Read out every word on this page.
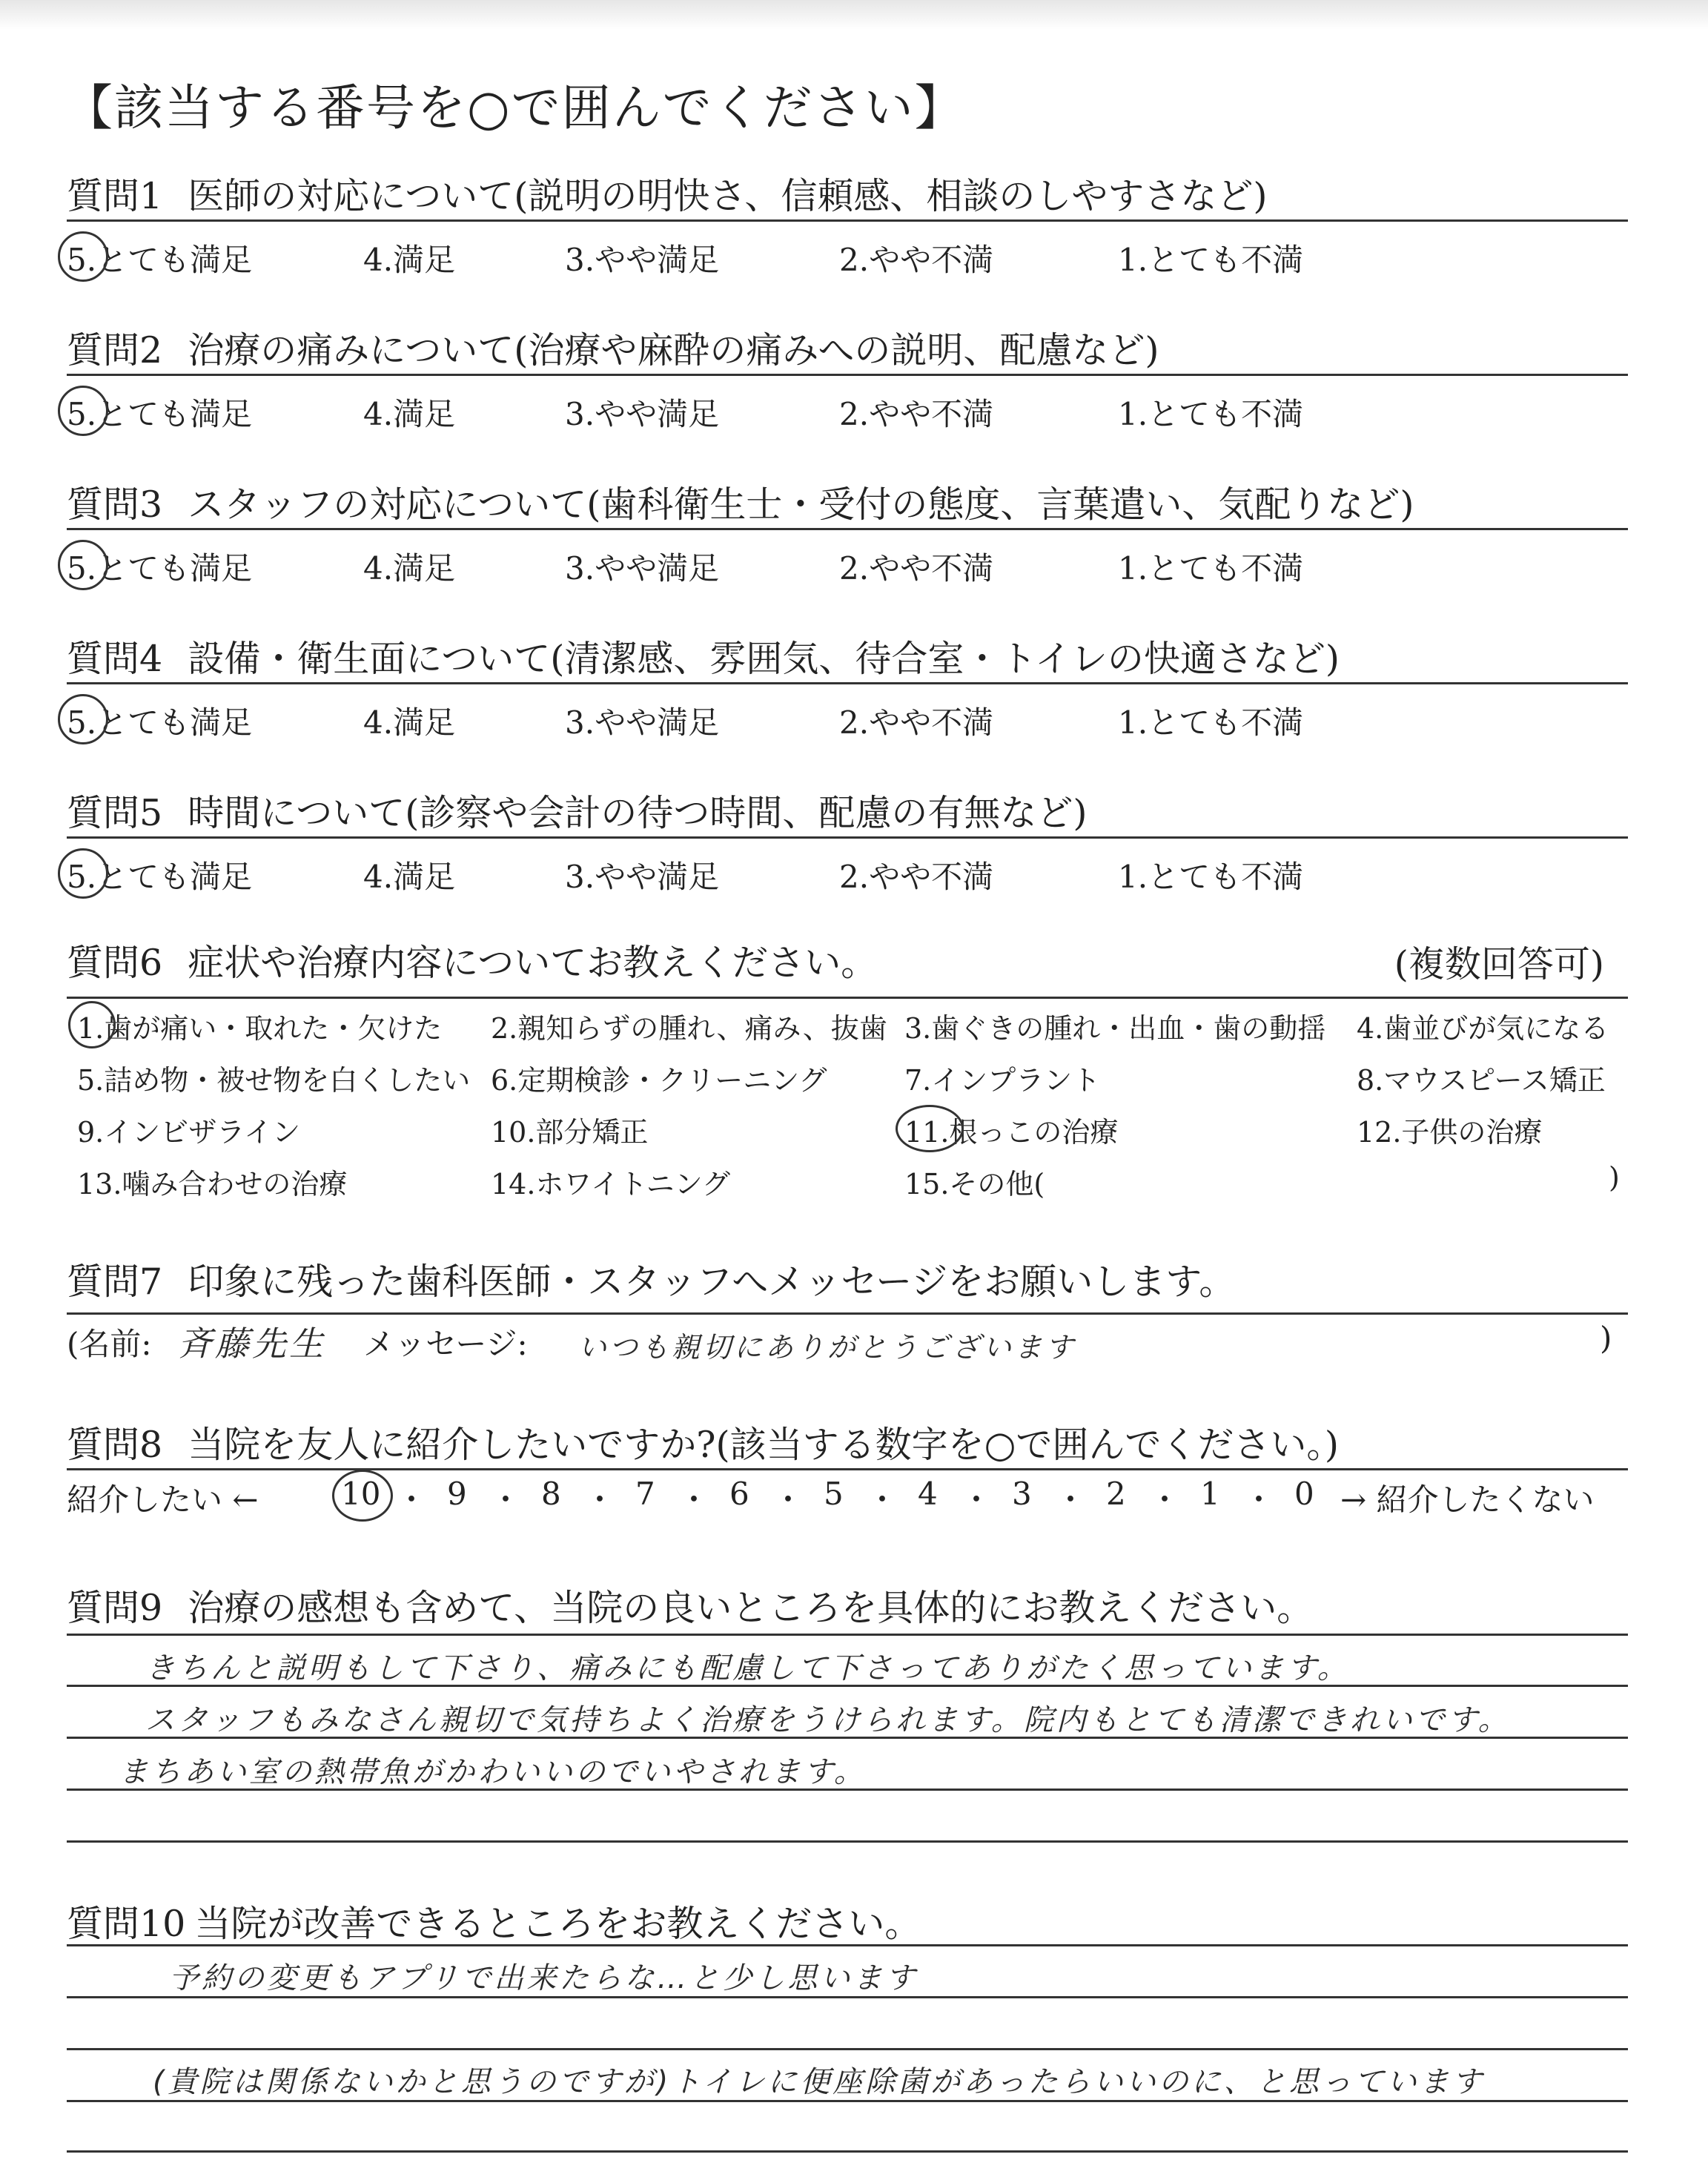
【該当する番号を○で囲んでください】
質問1 医師の対応について(説明の明快さ、信頼感、相談のしやすさなど)
5.とても満足	4.満足	3.やや満足	2.やや不満	1.とても不満
質問2 治療の痛みについて(治療や麻酔の痛みへの説明、配慮など)
5.とても満足	4.満足	3.やや満足	2.やや不満	1.とても不満
質問3 スタッフの対応について(歯科衛生士・受付の態度、言葉遣い、気配りなど)
5.とても満足	4.満足	3.やや満足	2.やや不満	1.とても不満
質問4 設備・衛生面について(清潔感、雰囲気、待合室・トイレの快適さなど)
5.とても満足	4.満足	3.やや満足	2.やや不満	1.とても不満
質問5 時間について(診察や会計の待つ時間、配慮の有無など)
5.とても満足	4.満足	3.やや満足	2.やや不満	1.とても不満
質問6 症状や治療内容についてお教えください。	(複数回答可)
1.歯が痛い・取れた・欠けた 2.親知らずの腫れ、痛み、抜歯 3.歯ぐきの腫れ・出血・歯の動揺 4.歯並びが気になる
5.詰め物・被せ物を白くしたい 6.定期検診・クリーニング	7.インプラント	8.マウスピース矯正
9.インビザライン	10.部分矯正	11.根っこの治療	12.子供の治療
13.噛み合わせの治療	14.ホワイトニング	15.その他(	)
質問7 印象に残った歯科医師・スタッフへメッセージをお願いします。
(名前: 斉藤先生 メッセージ: いつも親切にありがとうございます	)
質問8 当院を友人に紹介したいですか?(該当する数字を○で囲んでください。)
紹介したい ←	10 ・ 9 ・ 8 ・ 7 ・ 6 ・ 5 ・ 4 ・ 3 ・ 2 ・ 1 ・ 0 → 紹介したくない
質問9 治療の感想も含めて、当院の良いところを具体的にお教えください。
きちんと説明もして下さり、痛みにも配慮して下さってありがたく思っています。
スタッフもみなさん親切で気持ちよく治療をうけられます。院内もとても清潔できれいです。
まちあい室の熱帯魚がかわいいのでいやされます。
質問10 当院が改善できるところをお教えください。
予約の変更もアプリで出来たらな…と少し思います
(貴院は関係ないかと思うのですが)トイレに便座除菌があったらいいのに、と思っています
